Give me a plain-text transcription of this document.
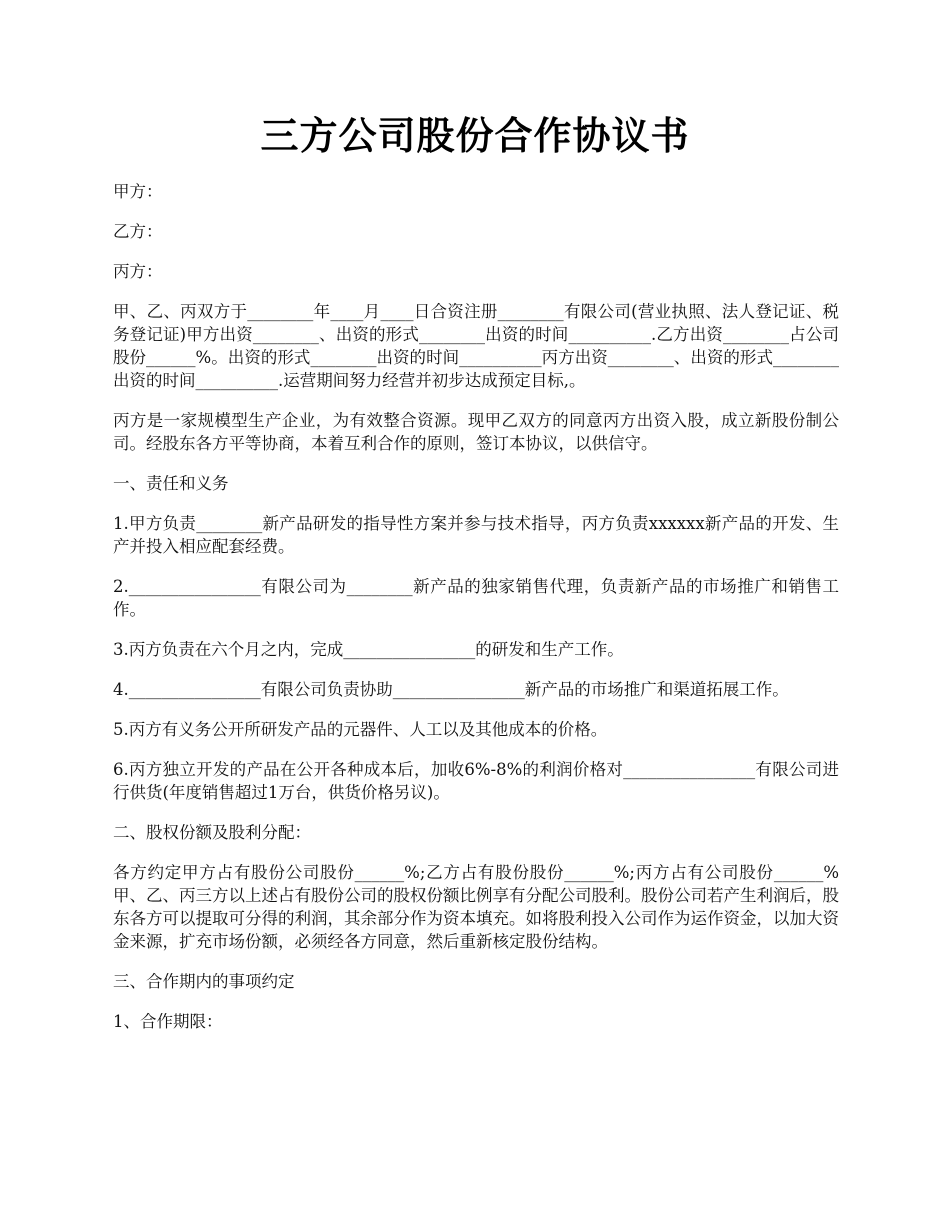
三方公司股份合作协议书

甲方：

乙方：

丙方：

甲、乙、丙双方于________年____月____日合资注册________有限公司(营业执照、法人登记证、税务登记证)甲方出资________、出资的形式________出资的时间__________.乙方出资________占公司股份______%。出资的形式________出资的时间__________丙方出资________、出资的形式________出资的时间__________.运营期间努力经营并初步达成预定目标,。

丙方是一家规模型生产企业，为有效整合资源。现甲乙双方的同意丙方出资入股，成立新股份制公司。经股东各方平等协商，本着互利合作的原则，签订本协议，以供信守。

一、责任和义务

1.甲方负责________新产品研发的指导性方案并参与技术指导，丙方负责xxxxxx新产品的开发、生产并投入相应配套经费。

2.________________有限公司为________新产品的独家销售代理，负责新产品的市场推广和销售工作。

3.丙方负责在六个月之内，完成________________的研发和生产工作。

4.________________有限公司负责协助________________新产品的市场推广和渠道拓展工作。

5.丙方有义务公开所研发产品的元器件、人工以及其他成本的价格。

6.丙方独立开发的产品在公开各种成本后，加收6%-8%的利润价格对________________有限公司进行供货(年度销售超过1万台，供货价格另议)。

二、股权份额及股利分配：

各方约定甲方占有股份公司股份______%;乙方占有股份股份______%;丙方占有公司股份______%甲、乙、丙三方以上述占有股份公司的股权份额比例享有分配公司股利。股份公司若产生利润后，股东各方可以提取可分得的利润，其余部分作为资本填充。如将股利投入公司作为运作资金，以加大资金来源，扩充市场份额，必须经各方同意，然后重新核定股份结构。

三、合作期内的事项约定

1、合作期限：
